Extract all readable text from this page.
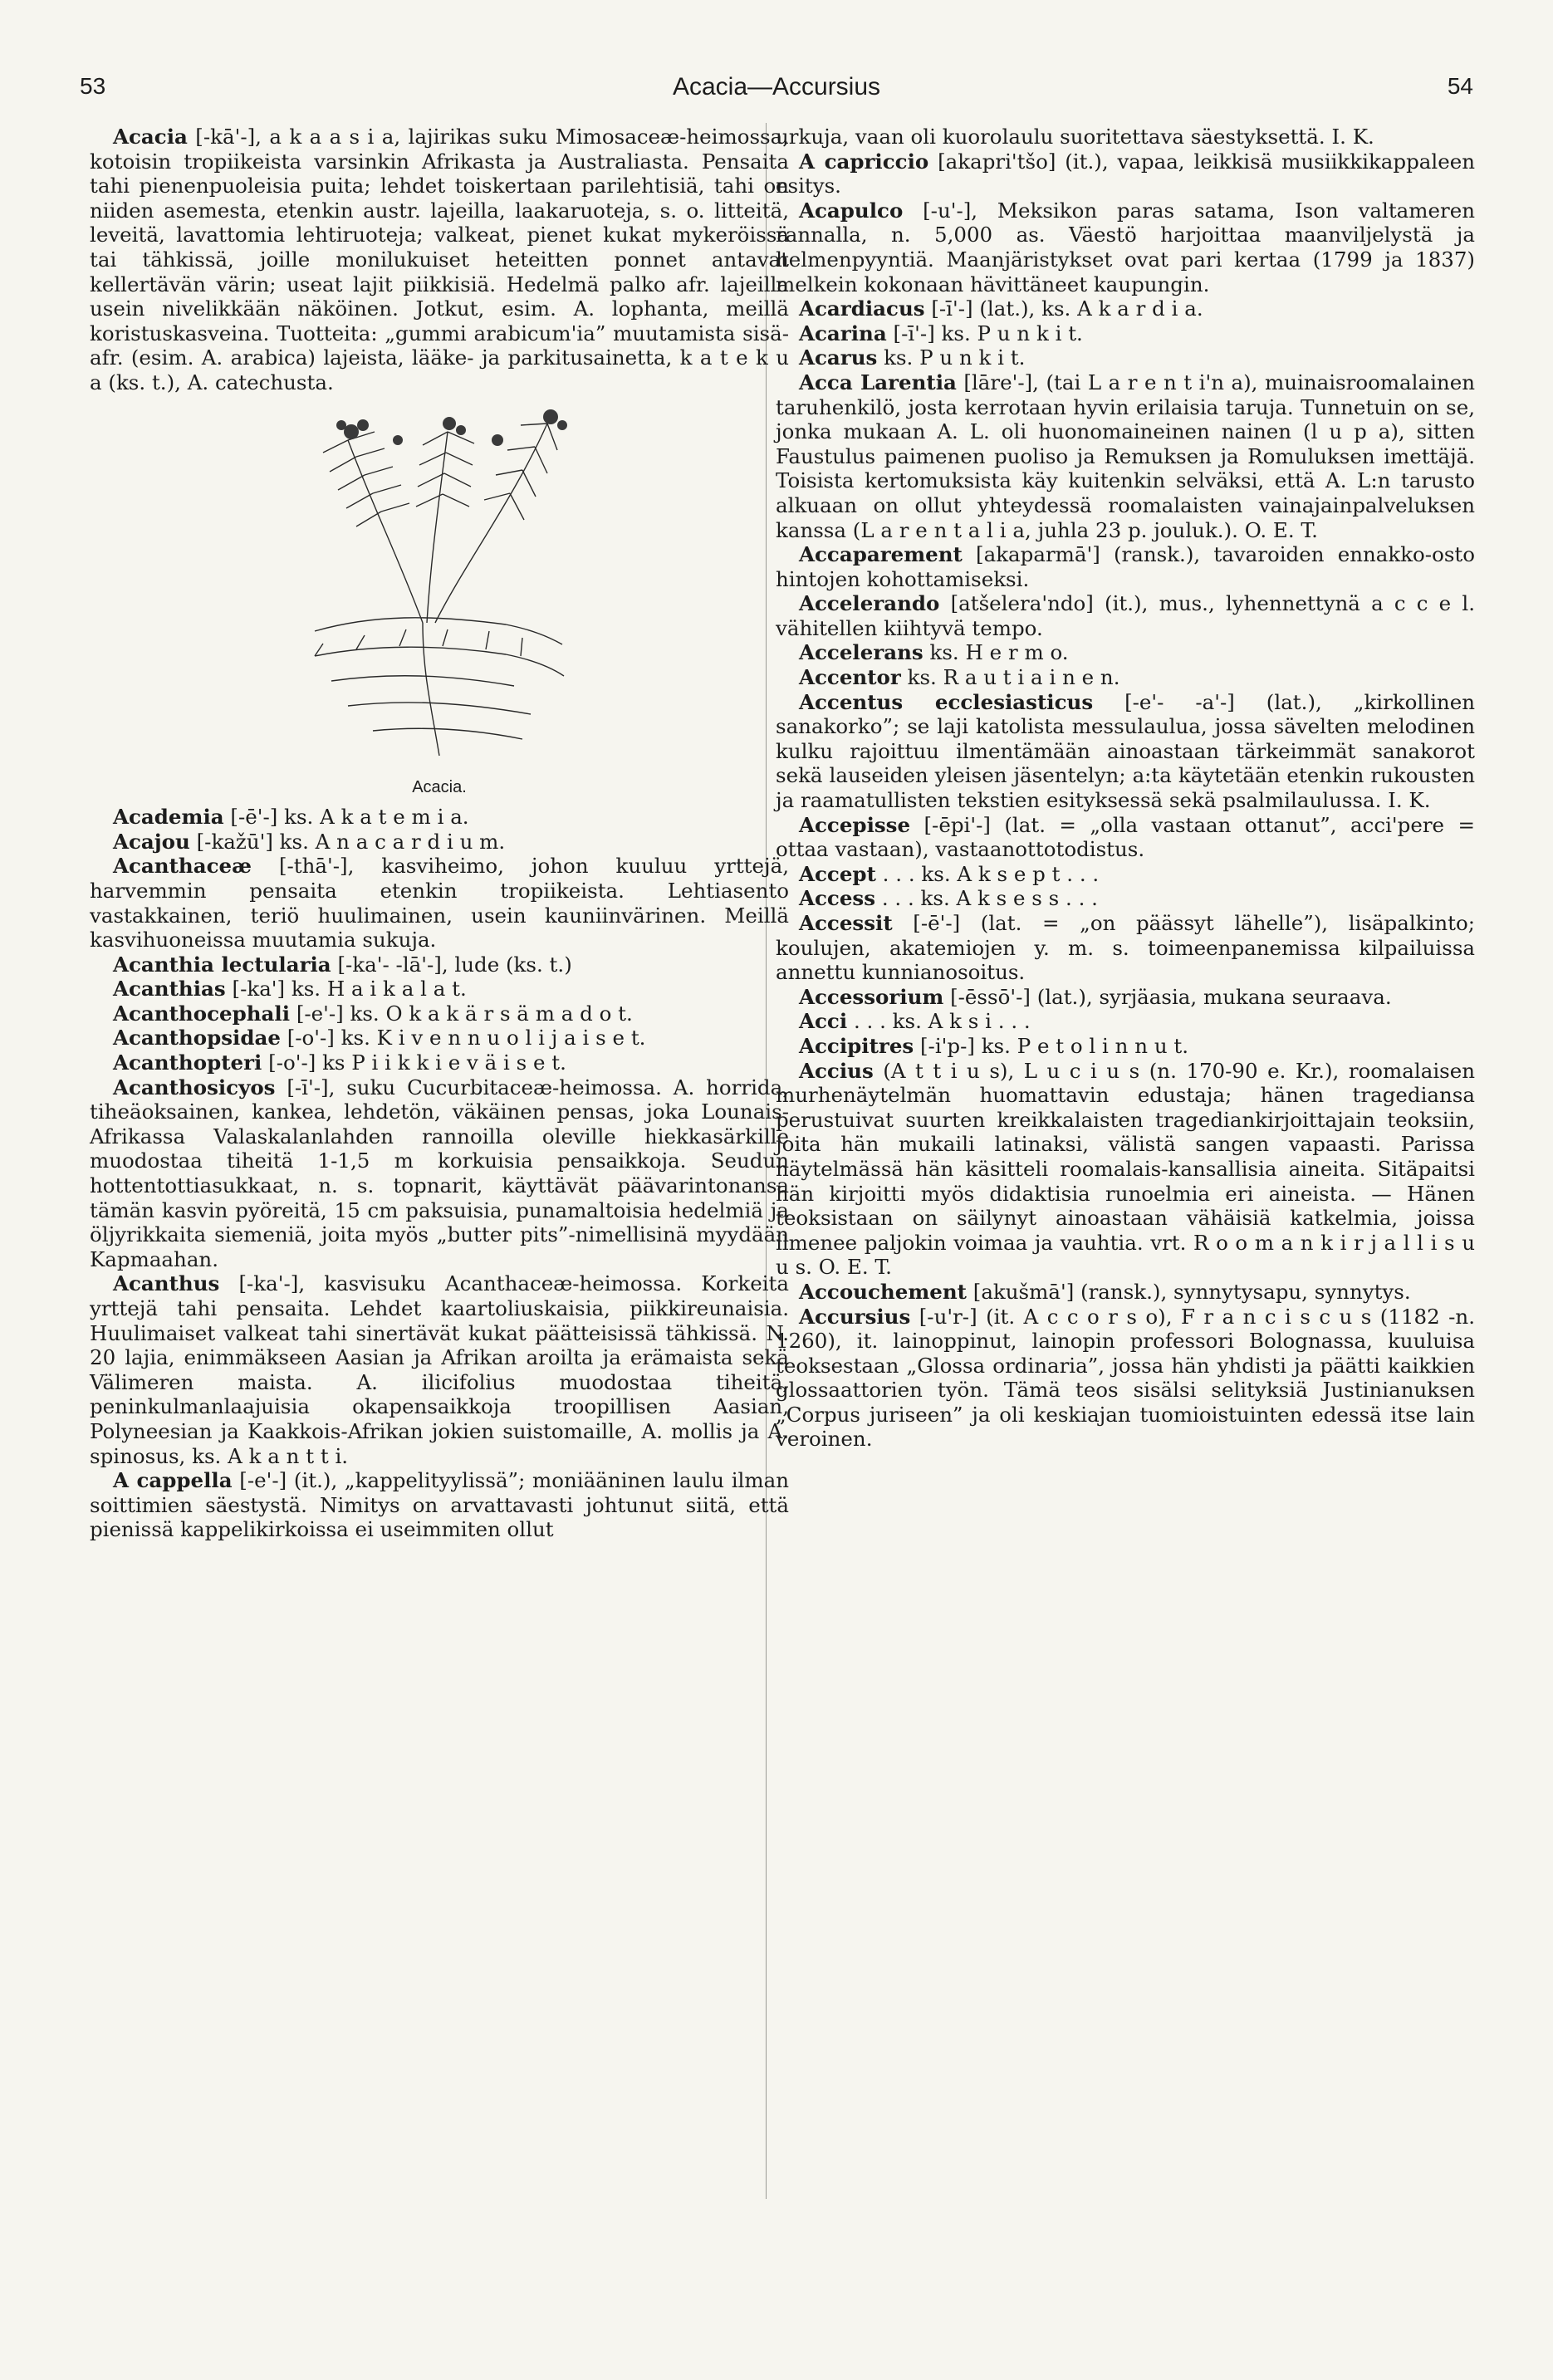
53	Acacia—Accursius	54

Acacia [-kā'-], a k a a s i a, lajirikas suku Mimosaceæ-heimossa, kotoisin tropiikeista varsinkin Afrikasta ja Australiasta. Pensaita tahi pienenpuoleisia puita; lehdet toiskertaan parilehtisiä, tahi on niiden asemesta, etenkin austr. lajeilla, laakaruoteja, s. o. litteitä, leveitä, lavattomia lehtiruoteja; valkeat, pienet kukat mykeröissä tai tähkissä, joille monilukuiset heteitten ponnet antavat kellertävän värin; useat lajit piikkisiä. Hedelmä palko afr. lajeilla usein nivelikkään näköinen. Jotkut, esim. A. lophanta, meillä koristuskasveina. Tuotteita: „gummi arabicum'ia” muutamista sisä-afr. (esim. A. arabica) lajeista, lääke- ja parkitusainetta, k a t e k u a (ks. t.), A. catechusta.

Acacia.

Academia [-ē'-] ks. A k a t e m i a.

Acajou [-kažū'] ks. A n a c a r d i u m.

Acanthaceæ [-thā'-], kasviheimo, johon kuuluu yrttejä, harvemmin pensaita etenkin tropiikeista. Lehtiasento vastakkainen, teriö huulimainen, usein kauniinvärinen. Meillä kasvihuoneissa muutamia sukuja.

Acanthia lectularia [-ka'- -lā'-], lude (ks. t.)

Acanthias [-ka'] ks. H a i k a l a t.

Acanthocephali [-e'-] ks. O k a k ä r s ä m a d o t.

Acanthopsidae [-o'-] ks. K i v e n n u o l i j a i s e t.

Acanthopteri [-o'-] ks P i i k k i e v ä i s e t.

Acanthosicyos [-ī'-], suku Cucurbitaceæ-heimossa. A. horrida, tiheäoksainen, kankea, lehdetön, väkäinen pensas, joka Lounais-Afrikassa Valaskalanlahden rannoilla oleville hiekkasärkille muodostaa tiheitä 1-1,5 m korkuisia pensaikkoja. Seudun hottentottiasukkaat, n. s. topnarit, käyttävät päävarintonansa tämän kasvin pyöreitä, 15 cm paksuisia, punamaltoisia hedelmiä ja öljyrikkaita siemeniä, joita myös „butter pits”-nimellisinä myydään Kapmaahan.

Acanthus [-ka'-], kasvisuku Acanthaceæ-heimossa. Korkeita yrttejä tahi pensaita. Lehdet kaartoliuskaisia, piikkireunaisia. Huulimaiset valkeat tahi sinertävät kukat päätteisissä tähkissä. N. 20 lajia, enimmäkseen Aasian ja Afrikan aroilta ja erämaista sekä Välimeren maista. A. ilicifolius muodostaa tiheitä, peninkulmanlaajuisia okapensaikkoja troopillisen Aasian, Polyneesian ja Kaakkois-Afrikan jokien suistomaille, A. mollis ja A. spinosus, ks. A k a n t t i.

A cappella [-e'-] (it.), „kappelityylissä”; moniääninen laulu ilman soittimien säestystä. Nimitys on arvattavasti johtunut siitä, että pienissä kappelikirkoissa ei useimmiten ollut

urkuja, vaan oli kuorolaulu suoritettava säestyksettä. I. K.

A capriccio [akapri'tšo] (it.), vapaa, leikkisä musiikkikappaleen esitys.

Acapulco [-u'-], Meksikon paras satama, Ison valtameren rannalla, n. 5,000 as. Väestö harjoittaa maanviljelystä ja helmenpyyntiä. Maanjäristykset ovat pari kertaa (1799 ja 1837) melkein kokonaan hävittäneet kaupungin.

Acardiacus [-ī'-] (lat.), ks. A k a r d i a.

Acarina [-ī'-] ks. P u n k i t.

Acarus ks. P u n k i t.

Acca Larentia [lāre'-], (tai L a r e n t i'n a), muinaisroomalainen taruhenkilö, josta kerrotaan hyvin erilaisia taruja. Tunnetuin on se, jonka mukaan A. L. oli huonomaineinen nainen (l u p a), sitten Faustulus paimenen puoliso ja Remuksen ja Romuluksen imettäjä. Toisista kertomuksista käy kuitenkin selväksi, että A. L:n tarusto alkuaan on ollut yhteydessä roomalaisten vainajainpalveluksen kanssa (L a r e n t a l i a, juhla 23 p. jouluk.). O. E. T.

Accaparement [akaparmā'] (ransk.), tavaroiden ennakko-osto hintojen kohottamiseksi.

Accelerando [atšelera'ndo] (it.), mus., lyhennettynä a c c e l. vähitellen kiihtyvä tempo.

Accelerans ks. H e r m o.

Accentor ks. R a u t i a i n e n.

Accentus ecclesiasticus [-e'- -a'-] (lat.), „kirkollinen sanakorko”; se laji katolista messulaulua, jossa sävelten melodinen kulku rajoittuu ilmentämään ainoastaan tärkeimmät sanakorot sekä lauseiden yleisen jäsentelyn; a:ta käytetään etenkin rukousten ja raamatullisten tekstien esityksessä sekä psalmilaulussa. I. K.

Accepisse [-ēpi'-] (lat. = „olla vastaan ottanut”, acci'pere = ottaa vastaan), vastaanottotodistus.

Accept . . . ks. A k s e p t . . .

Access . . . ks. A k s e s s . . .

Accessit [-ē'-] (lat. = „on päässyt lähelle”), lisäpalkinto; koulujen, akatemiojen y. m. s. toimeenpanemissa kilpailuissa annettu kunnianosoitus.

Accessorium [-ēssō'-] (lat.), syrjäasia, mukana seuraava.

Acci . . . ks. A k s i . . .

Accipitres [-i'p-] ks. P e t o l i n n u t.

Accius (A t t i u s), L u c i u s (n. 170-90 e. Kr.), roomalaisen murhenäytelmän huomattavin edustaja; hänen tragediansa perustuivat suurten kreikkalaisten tragediankirjoittajain teoksiin, joita hän mukaili latinaksi, välistä sangen vapaasti. Parissa näytelmässä hän käsitteli roomalais-kansallisia aineita. Sitäpaitsi hän kirjoitti myös didaktisia runoelmia eri aineista. — Hänen teoksistaan on säilynyt ainoastaan vähäisiä katkelmia, joissa ilmenee paljokin voimaa ja vauhtia. vrt. R o o m a n k i r j a l l i s u u s. O. E. T.

Accouchement [akušmā'] (ransk.), synnytysapu, synnytys.

Accursius [-u'r-] (it. A c c o r s o), F r a n c i s c u s (1182 -n. 1260), it. lainoppinut, lainopin professori Bolognassa, kuuluisa teoksestaan „Glossa ordinaria”, jossa hän yhdisti ja päätti kaikkien glossaattorien työn. Tämä teos sisälsi selityksiä Justinianuksen „Corpus juriseen” ja oli keskiajan tuomioistuinten edessä itse lain veroinen.
